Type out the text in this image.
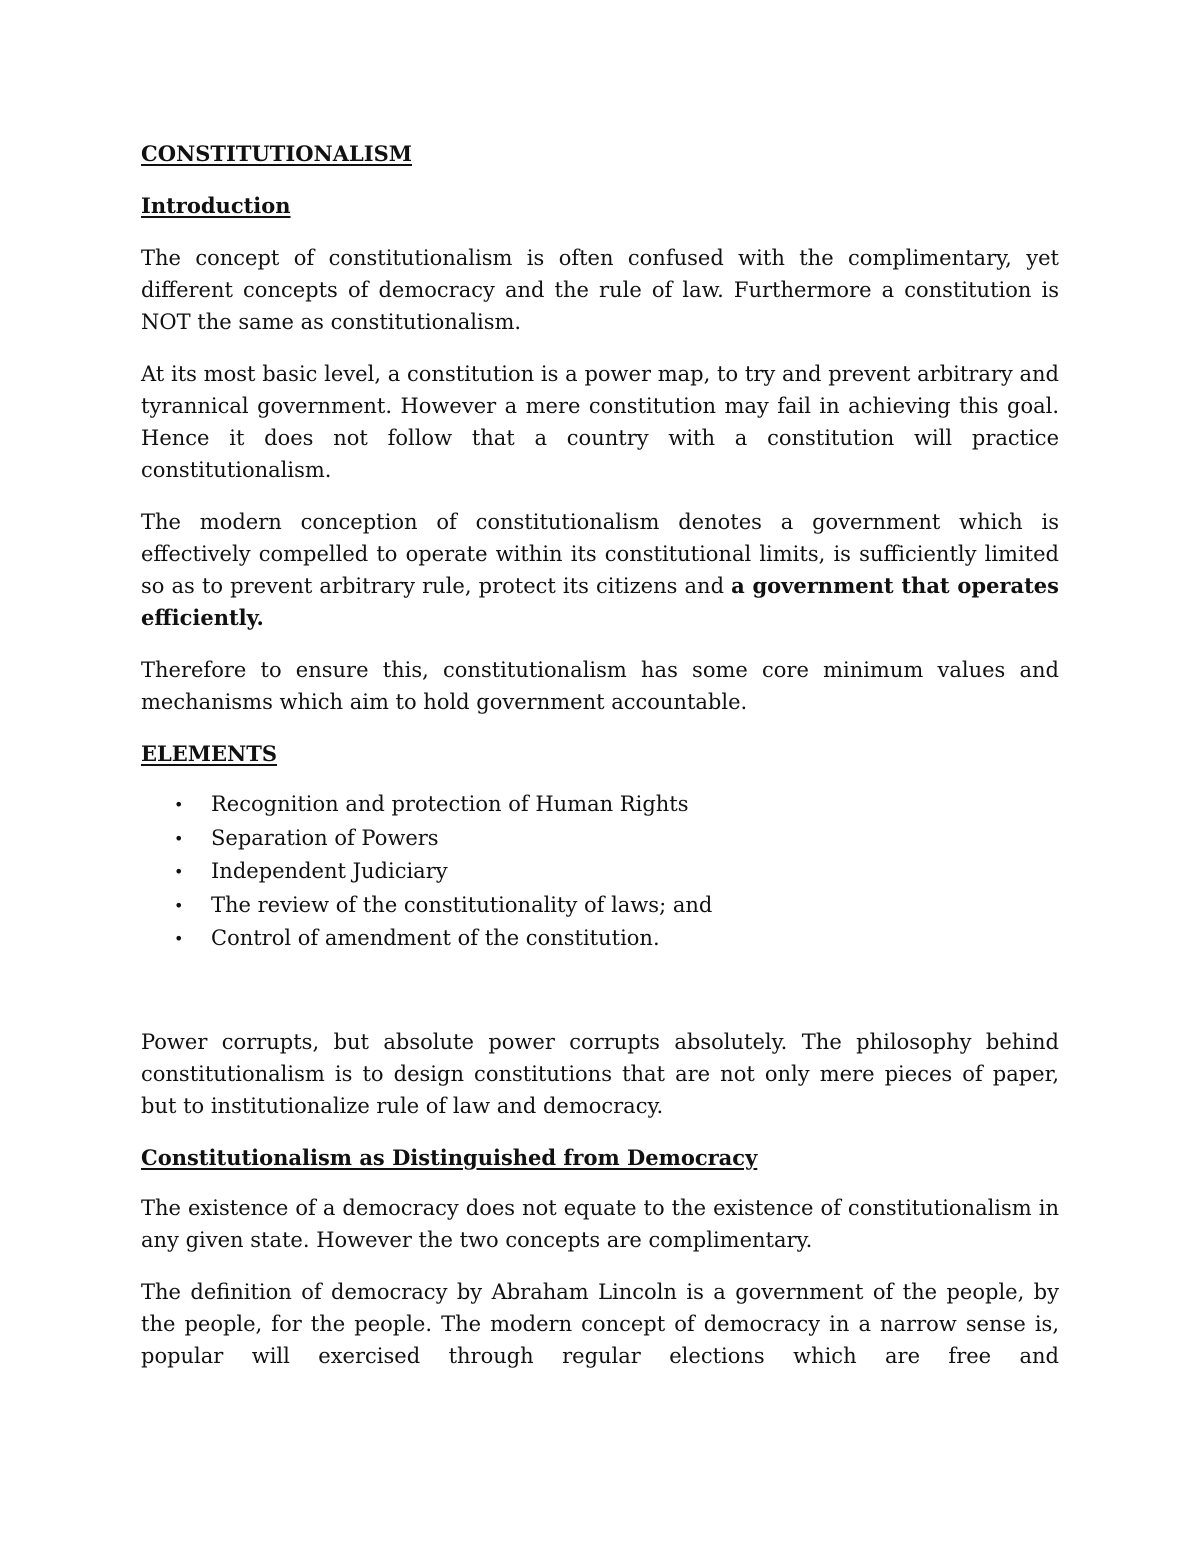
CONSTITUTIONALISM
Introduction

The concept of constitutionalism is often confused with the complimentary, yet different concepts of democracy and the rule of law. Furthermore a constitution is NOT the same as constitutionalism.

At its most basic level, a constitution is a power map, to try and prevent arbitrary and tyrannical government. However a mere constitution may fail in achieving this goal. Hence it does not follow that a country with a constitution will practice constitutionalism.

The modern conception of constitutionalism denotes a government which is effectively compelled to operate within its constitutional limits, is sufficiently limited so as to prevent arbitrary rule, protect its citizens and a government that operates efficiently.

Therefore to ensure this, constitutionalism has some core minimum values and mechanisms which aim to hold government accountable.

ELEMENTS
• Recognition and protection of Human Rights
• Separation of Powers
• Independent Judiciary
• The review of the constitutionality of laws; and
• Control of amendment of the constitution.

Power corrupts, but absolute power corrupts absolutely. The philosophy behind constitutionalism is to design constitutions that are not only mere pieces of paper, but to institutionalize rule of law and democracy.

Constitutionalism as Distinguished from Democracy

The existence of a democracy does not equate to the existence of constitutionalism in any given state. However the two concepts are complimentary.

The definition of democracy by Abraham Lincoln is a government of the people, by the people, for the people. The modern concept of democracy in a narrow sense is, popular will exercised through regular elections which are free and
